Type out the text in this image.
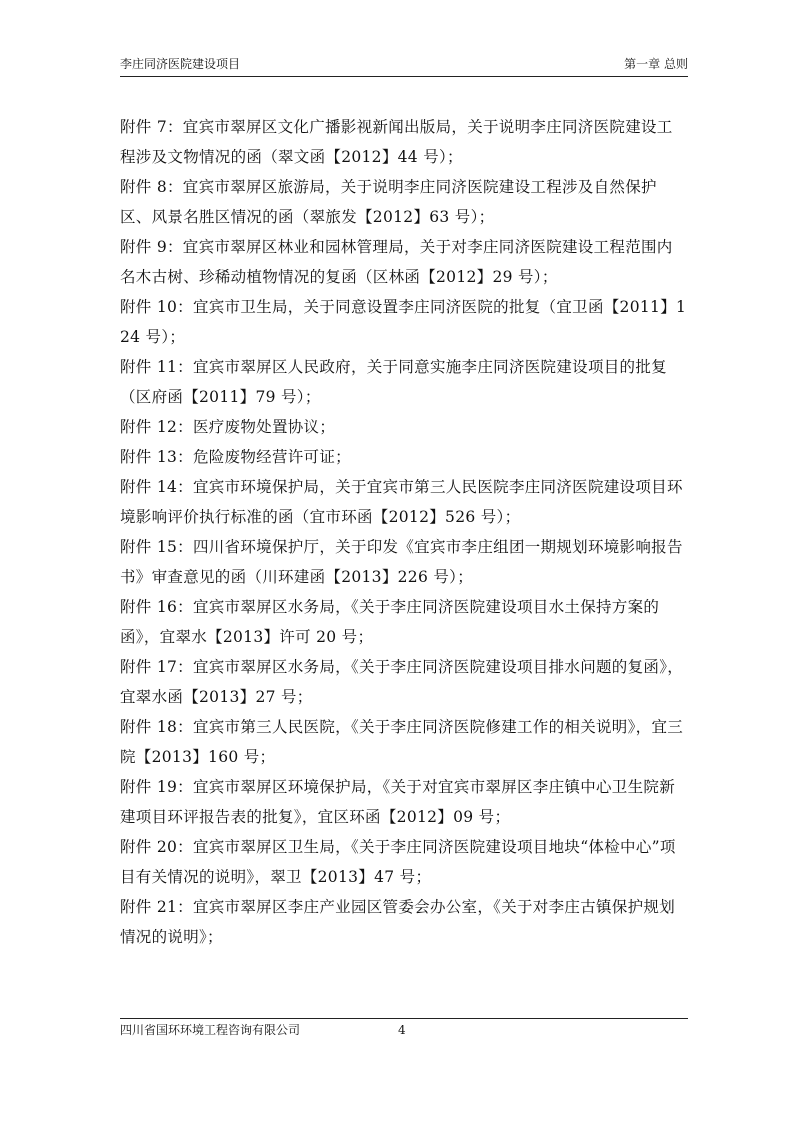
李庄同济医院建设项目	第一章 总则

附件 7：宜宾市翠屏区文化广播影视新闻出版局，关于说明李庄同济医院建设工程涉及文物情况的函（翠文函【2012】44 号）；

附件 8：宜宾市翠屏区旅游局，关于说明李庄同济医院建设工程涉及自然保护区、风景名胜区情况的函（翠旅发【2012】63 号）；

附件 9：宜宾市翠屏区林业和园林管理局，关于对李庄同济医院建设工程范围内名木古树、珍稀动植物情况的复函（区林函【2012】29 号）；

附件 10：宜宾市卫生局，关于同意设置李庄同济医院的批复（宜卫函【2011】124 号）；

附件 11：宜宾市翠屏区人民政府，关于同意实施李庄同济医院建设项目的批复（区府函【2011】79 号）；

附件 12：医疗废物处置协议；

附件 13：危险废物经营许可证；

附件 14：宜宾市环境保护局，关于宜宾市第三人民医院李庄同济医院建设项目环境影响评价执行标准的函（宜市环函【2012】526 号）；

附件 15：四川省环境保护厅，关于印发《宜宾市李庄组团一期规划环境影响报告书》审查意见的函（川环建函【2013】226 号）；

附件 16：宜宾市翠屏区水务局，《关于李庄同济医院建设项目水土保持方案的函》，宜翠水【2013】许可 20 号；

附件 17：宜宾市翠屏区水务局，《关于李庄同济医院建设项目排水问题的复函》，宜翠水函【2013】27 号；

附件 18：宜宾市第三人民医院，《关于李庄同济医院修建工作的相关说明》，宜三院【2013】160 号；

附件 19：宜宾市翠屏区环境保护局，《关于对宜宾市翠屏区李庄镇中心卫生院新建项目环评报告表的批复》，宜区环函【2012】09 号；

附件 20：宜宾市翠屏区卫生局，《关于李庄同济医院建设项目地块“体检中心”项目有关情况的说明》，翠卫【2013】47 号；

附件 21：宜宾市翠屏区李庄产业园区管委会办公室，《关于对李庄古镇保护规划情况的说明》；

四川省国环环境工程咨询有限公司	4
